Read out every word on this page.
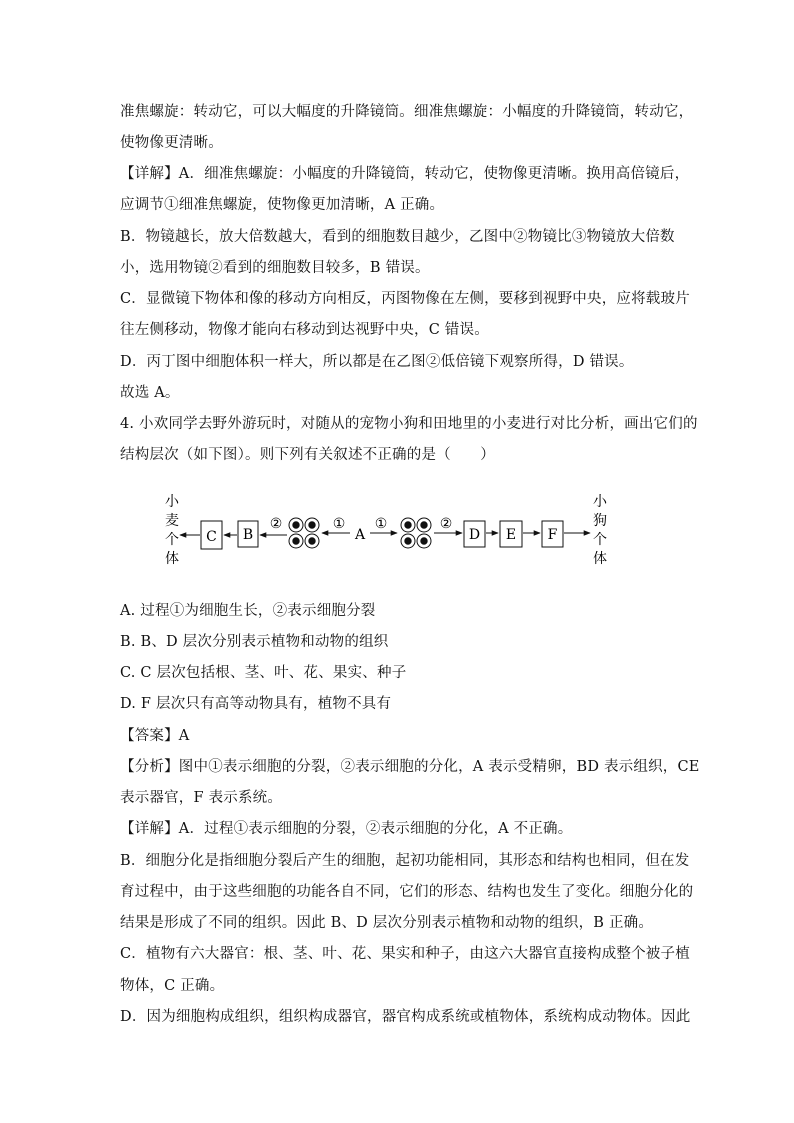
准焦螺旋：转动它，可以大幅度的升降镜筒。细准焦螺旋：小幅度的升降镜筒，转动它，
使物像更清晰。
【详解】A．细准焦螺旋：小幅度的升降镜筒，转动它，使物像更清晰。换用高倍镜后，
应调节①细准焦螺旋，使物像更加清晰，A 正确。
B．物镜越长，放大倍数越大，看到的细胞数目越少，乙图中②物镜比③物镜放大倍数
小，选用物镜②看到的细胞数目较多，B 错误。
C．显微镜下物体和像的移动方向相反，丙图物像在左侧，要移到视野中央，应将载玻片
往左侧移动，物像才能向右移动到达视野中央，C 错误。
D．丙丁图中细胞体积一样大，所以都是在乙图②低倍镜下观察所得，D 错误。
故选 A。
4. 小欢同学去野外游玩时，对随从的宠物小狗和田地里的小麦进行对比分析，画出它们的
结构层次（如下图）。则下列有关叙述不正确的是（　　）
小
麦
个
体
C B
②	①
A
①	②
D E F
小
狗
个
体
A. 过程①为细胞生长，②表示细胞分裂
B. B、D 层次分别表示植物和动物的组织
C. C 层次包括根、茎、叶、花、果实、种子
D. F 层次只有高等动物具有，植物不具有
【答案】A
【分析】图中①表示细胞的分裂，②表示细胞的分化，A 表示受精卵，BD 表示组织，CE
表示器官，F 表示系统。
【详解】A．过程①表示细胞的分裂，②表示细胞的分化，A 不正确。
B．细胞分化是指细胞分裂后产生的细胞，起初功能相同，其形态和结构也相同，但在发
育过程中，由于这些细胞的功能各自不同，它们的形态、结构也发生了变化。细胞分化的
结果是形成了不同的组织。因此 B、D 层次分别表示植物和动物的组织，B 正确。
C．植物有六大器官：根、茎、叶、花、果实和种子，由这六大器官直接构成整个被子植
物体，C 正确。
D．因为细胞构成组织，组织构成器官，器官构成系统或植物体，系统构成动物体。因此
